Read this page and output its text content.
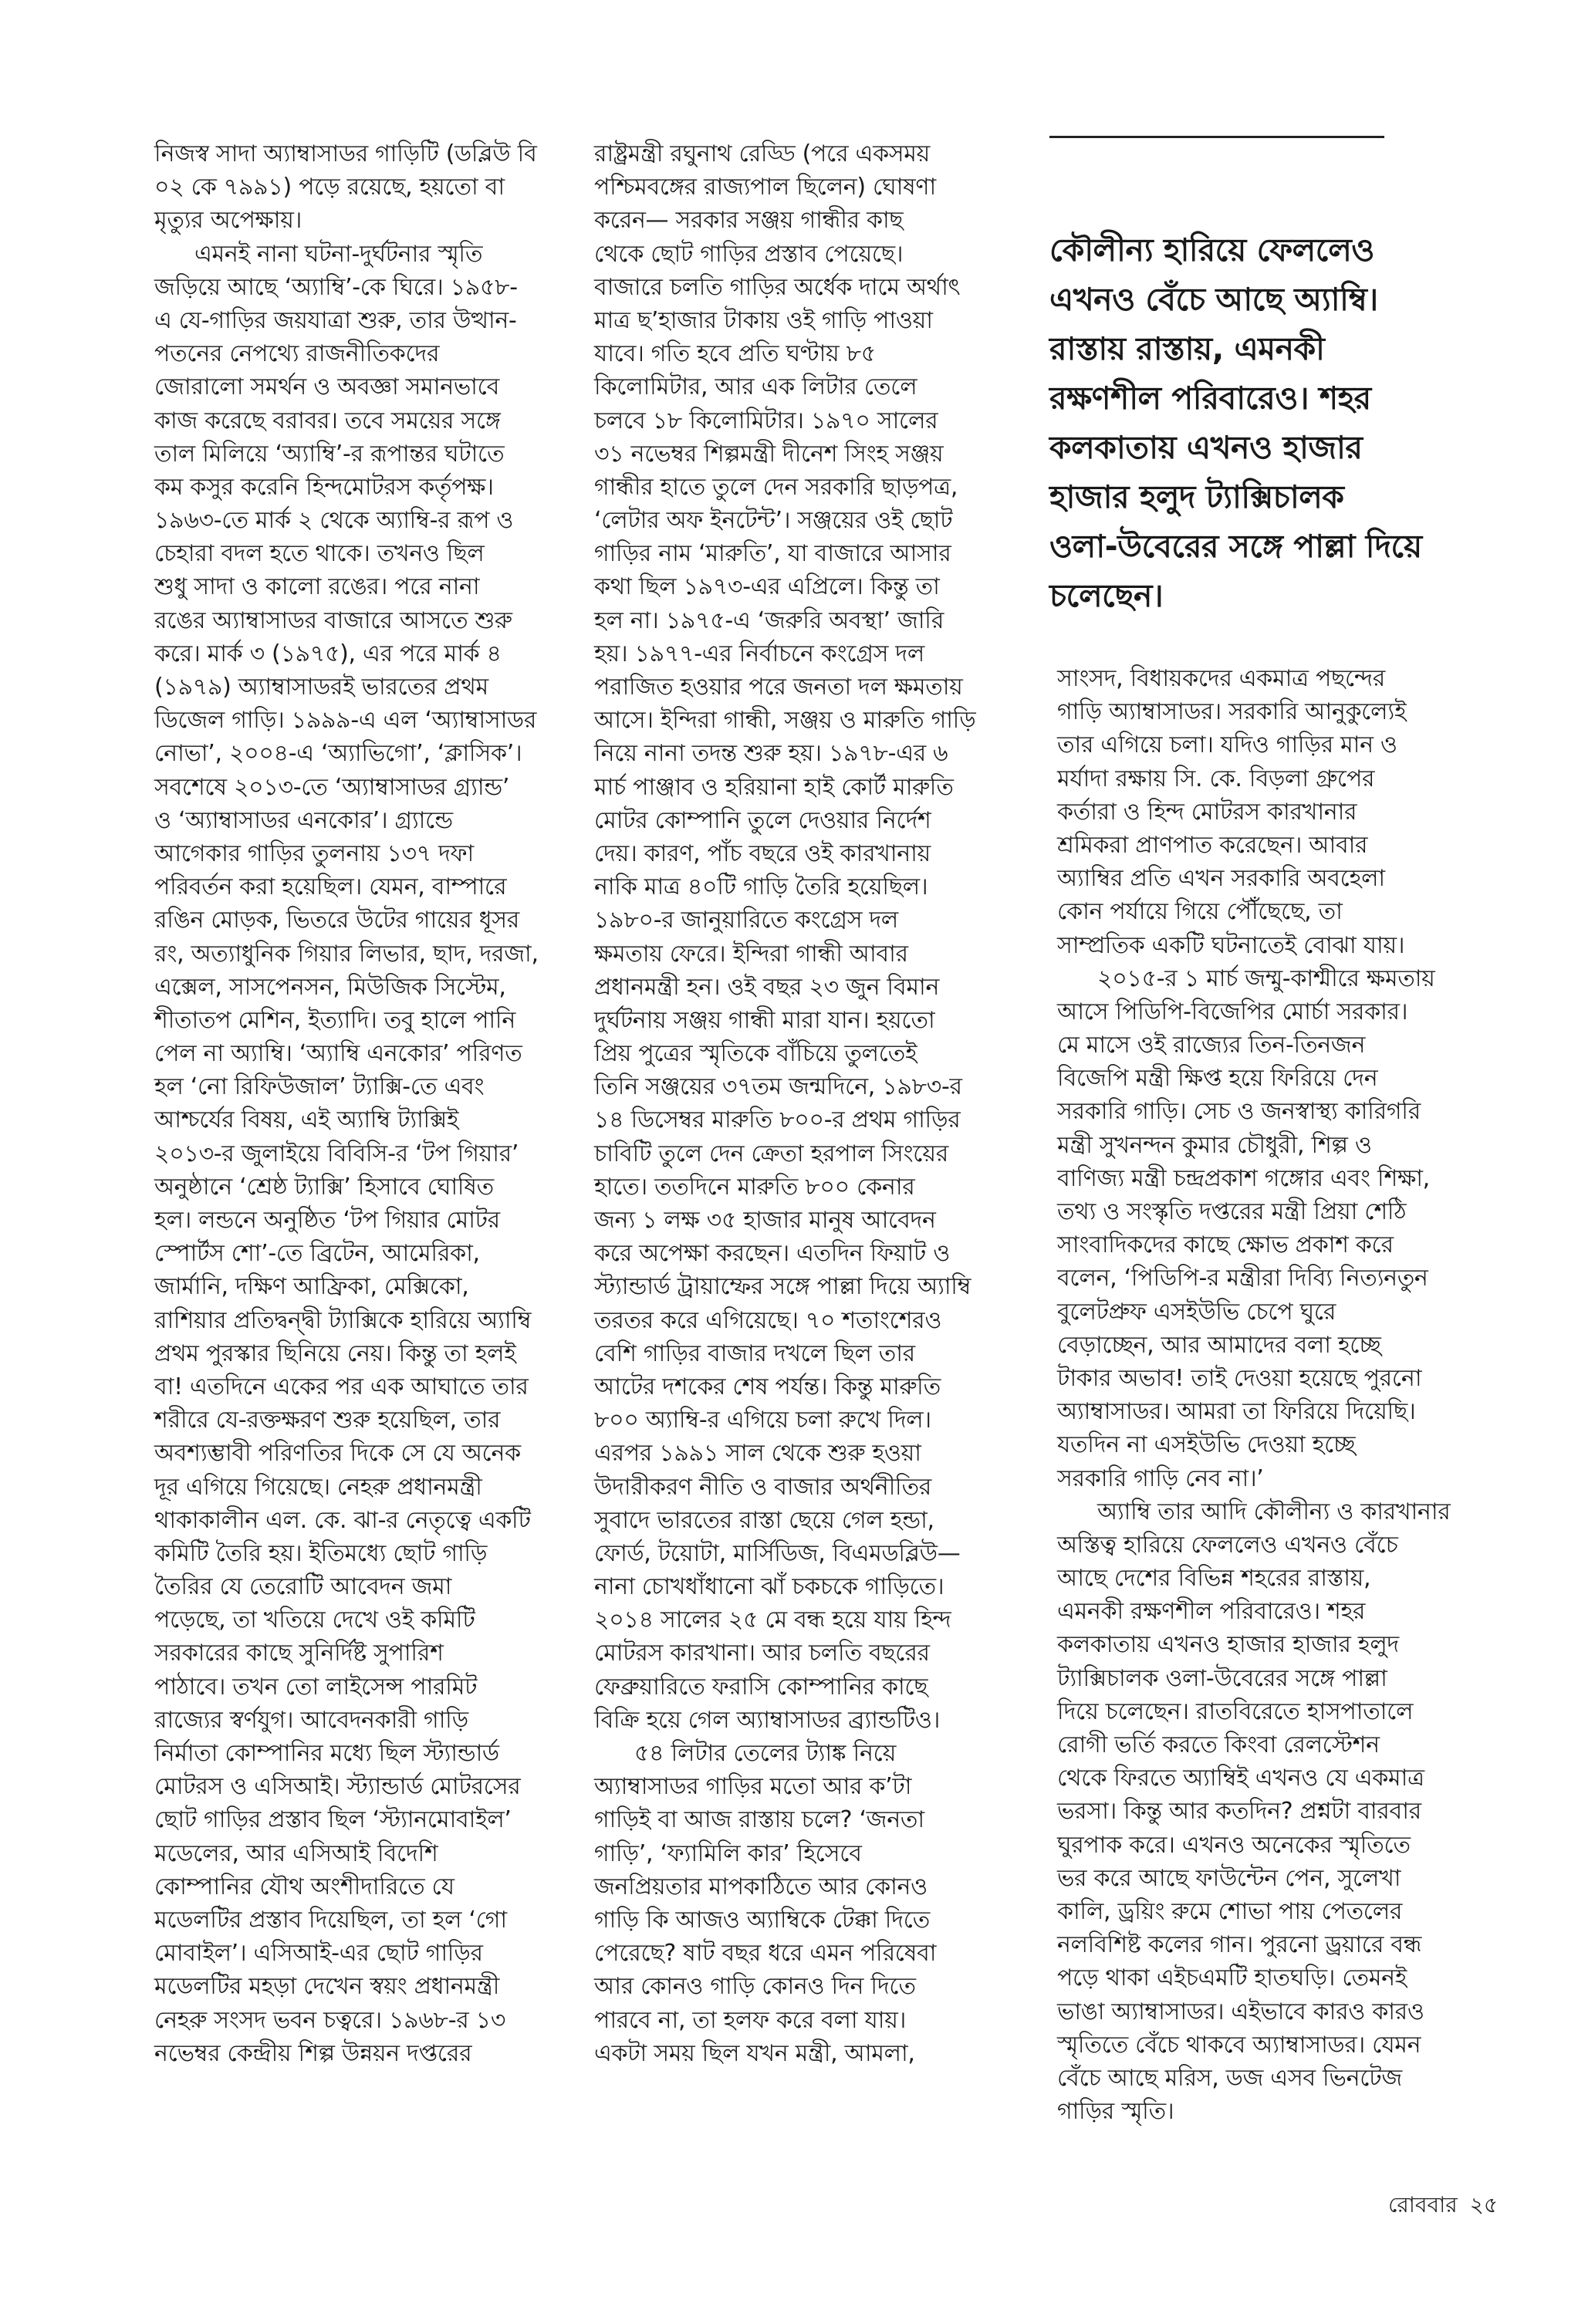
নিজস্ব সাদা অ্যাম্বাসাডর গাড়িটি (ডব্লিউ বি
০২ কে ৭৯৯১) পড়ে রয়েছে, হয়তো বা
মৃত্যুর অপেক্ষায়।
এমনই নানা ঘটনা-দুর্ঘটনার স্মৃতি
জড়িয়ে আছে ‘অ্যাম্বি’-কে ঘিরে। ১৯৫৮-
এ যে-গাড়ির জয়যাত্রা শুরু, তার উত্থান-
পতনের নেপথ্যে রাজনীতিকদের
জোরালো সমর্থন ও অবজ্ঞা সমানভাবে
কাজ করেছে বরাবর। তবে সময়ের সঙ্গে
তাল মিলিয়ে ‘অ্যাম্বি’-র রূপান্তর ঘটাতে
কম কসুর করেনি হিন্দমোটরস কর্তৃপক্ষ।
১৯৬৩-তে মার্ক ২ থেকে অ্যাম্বি-র রূপ ও
চেহারা বদল হতে থাকে। তখনও ছিল
শুধু সাদা ও কালো রঙের। পরে নানা
রঙের অ্যাম্বাসাডর বাজারে আসতে শুরু
করে। মার্ক ৩ (১৯৭৫), এর পরে মার্ক ৪
(১৯৭৯) অ্যাম্বাসাডরই ভারতের প্রথম
ডিজেল গাড়ি। ১৯৯৯-এ এল ‘অ্যাম্বাসাডর
নোভা’, ২০০৪-এ ‘অ্যাভিগো’, ‘ক্লাসিক’।
সবশেষে ২০১৩-তে ‘অ্যাম্বাসাডর গ্র্যান্ড’
ও ‘অ্যাম্বাসাডর এনকোর’। গ্র্যান্ডে
আগেকার গাড়ির তুলনায় ১৩৭ দফা
পরিবর্তন করা হয়েছিল। যেমন, বাম্পারে
রঙিন মোড়ক, ভিতরে উটের গায়ের ধূসর
রং, অত্যাধুনিক গিয়ার লিভার, ছাদ, দরজা,
এক্সেল, সাসপেনসন, মিউজিক সিস্টেম,
শীতাতপ মেশিন, ইত্যাদি। তবু হালে পানি
পেল না অ্যাম্বি। ‘অ্যাম্বি এনকোর’ পরিণত
হল ‘নো রিফিউজাল’ ট্যাক্সি-তে এবং
আশ্চর্যের বিষয়, এই অ্যাম্বি ট্যাক্সিই
২০১৩-র জুলাইয়ে বিবিসি-র ‘টপ গিয়ার’
অনুষ্ঠানে ‘শ্রেষ্ঠ ট্যাক্সি’ হিসাবে ঘোষিত
হল। লন্ডনে অনুষ্ঠিত ‘টপ গিয়ার মোটর
স্পোর্টস শো’-তে ব্রিটেন, আমেরিকা,
জার্মানি, দক্ষিণ আফ্রিকা, মেক্সিকো,
রাশিয়ার প্রতিদ্বন্দ্বী ট্যাক্সিকে হারিয়ে অ্যাম্বি
প্রথম পুরস্কার ছিনিয়ে নেয়। কিন্তু তা হলই
বা! এতদিনে একের পর এক আঘাতে তার
শরীরে যে-রক্তক্ষরণ শুরু হয়েছিল, তার
অবশ্যম্ভাবী পরিণতির দিকে সে যে অনেক
দূর এগিয়ে গিয়েছে। নেহরু প্রধানমন্ত্রী
থাকাকালীন এল. কে. ঝা-র নেতৃত্বে একটি
কমিটি তৈরি হয়। ইতিমধ্যে ছোট গাড়ি
তৈরির যে তেরোটি আবেদন জমা
পড়েছে, তা খতিয়ে দেখে ওই কমিটি
সরকারের কাছে সুনির্দিষ্ট সুপারিশ
পাঠাবে। তখন তো লাইসেন্স পারমিট
রাজ্যের স্বর্ণযুগ। আবেদনকারী গাড়ি
নির্মাতা কোম্পানির মধ্যে ছিল স্ট্যান্ডার্ড
মোটরস ও এসিআই। স্ট্যান্ডার্ড মোটরসের
ছোট গাড়ির প্রস্তাব ছিল ‘স্ট্যানমোবাইল’
মডেলের, আর এসিআই বিদেশি
কোম্পানির যৌথ অংশীদারিতে যে
মডেলটির প্রস্তাব দিয়েছিল, তা হল ‘গো
মোবাইল’। এসিআই-এর ছোট গাড়ির
মডেলটির মহড়া দেখেন স্বয়ং প্রধানমন্ত্রী
নেহরু সংসদ ভবন চত্বরে। ১৯৬৮-র ১৩
নভেম্বর কেন্দ্রীয় শিল্প উন্নয়ন দপ্তরের
রাষ্ট্রমন্ত্রী রঘুনাথ রেড্ডি (পরে একসময়
পশ্চিমবঙ্গের রাজ্যপাল ছিলেন) ঘোষণা
করেন— সরকার সঞ্জয় গান্ধীর কাছ
থেকে ছোট গাড়ির প্রস্তাব পেয়েছে।
বাজারে চলতি গাড়ির অর্ধেক দামে অর্থাৎ
মাত্র ছ’হাজার টাকায় ওই গাড়ি পাওয়া
যাবে। গতি হবে প্রতি ঘণ্টায় ৮৫
কিলোমিটার, আর এক লিটার তেলে
চলবে ১৮ কিলোমিটার। ১৯৭০ সালের
৩১ নভেম্বর শিল্পমন্ত্রী দীনেশ সিংহ সঞ্জয়
গান্ধীর হাতে তুলে দেন সরকারি ছাড়পত্র,
‘লেটার অফ ইনটেন্ট’। সঞ্জয়ের ওই ছোট
গাড়ির নাম ‘মারুতি’, যা বাজারে আসার
কথা ছিল ১৯৭৩-এর এপ্রিলে। কিন্তু তা
হল না। ১৯৭৫-এ ‘জরুরি অবস্থা’ জারি
হয়। ১৯৭৭-এর নির্বাচনে কংগ্রেস দল
পরাজিত হওয়ার পরে জনতা দল ক্ষমতায়
আসে। ইন্দিরা গান্ধী, সঞ্জয় ও মারুতি গাড়ি
নিয়ে নানা তদন্ত শুরু হয়। ১৯৭৮-এর ৬
মার্চ পাঞ্জাব ও হরিয়ানা হাই কোর্ট মারুতি
মোটর কোম্পানি তুলে দেওয়ার নির্দেশ
দেয়। কারণ, পাঁচ বছরে ওই কারখানায়
নাকি মাত্র ৪০টি গাড়ি তৈরি হয়েছিল।
১৯৮০-র জানুয়ারিতে কংগ্রেস দল
ক্ষমতায় ফেরে। ইন্দিরা গান্ধী আবার
প্রধানমন্ত্রী হন। ওই বছর ২৩ জুন বিমান
দুর্ঘটনায় সঞ্জয় গান্ধী মারা যান। হয়তো
প্রিয় পুত্রের স্মৃতিকে বাঁচিয়ে তুলতেই
তিনি সঞ্জয়ের ৩৭তম জন্মদিনে, ১৯৮৩-র
১৪ ডিসেম্বর মারুতি ৮০০-র প্রথম গাড়ির
চাবিটি তুলে দেন ক্রেতা হরপাল সিংয়ের
হাতে। ততদিনে মারুতি ৮০০ কেনার
জন্য ১ লক্ষ ৩৫ হাজার মানুষ আবেদন
করে অপেক্ষা করছেন। এতদিন ফিয়াট ও
স্ট্যান্ডার্ড ট্রায়াম্ফের সঙ্গে পাল্লা দিয়ে অ্যাম্বি
তরতর করে এগিয়েছে। ৭০ শতাংশেরও
বেশি গাড়ির বাজার দখলে ছিল তার
আটের দশকের শেষ পর্যন্ত। কিন্তু মারুতি
৮০০ অ্যাম্বি-র এগিয়ে চলা রুখে দিল।
এরপর ১৯৯১ সাল থেকে শুরু হওয়া
উদারীকরণ নীতি ও বাজার অর্থনীতির
সুবাদে ভারতের রাস্তা ছেয়ে গেল হন্ডা,
ফোর্ড, টয়োটা, মার্সিডিজ, বিএমডব্লিউ—
নানা চোখধাঁধানো ঝাঁ চকচকে গাড়িতে।
২০১৪ সালের ২৫ মে বন্ধ হয়ে যায় হিন্দ
মোটরস কারখানা। আর চলতি বছরের
ফেব্রুয়ারিতে ফরাসি কোম্পানির কাছে
বিক্রি হয়ে গেল অ্যাম্বাসাডর ব্র্যান্ডটিও।
৫৪ লিটার তেলের ট্যাঙ্ক নিয়ে
অ্যাম্বাসাডর গাড়ির মতো আর ক’টা
গাড়িই বা আজ রাস্তায় চলে? ‘জনতা
গাড়ি’, ‘ফ্যামিলি কার’ হিসেবে
জনপ্রিয়তার মাপকাঠিতে আর কোনও
গাড়ি কি আজও অ্যাম্বিকে টেক্কা দিতে
পেরেছে? ষাট বছর ধরে এমন পরিষেবা
আর কোনও গাড়ি কোনও দিন দিতে
পারবে না, তা হলফ করে বলা যায়।
একটা সময় ছিল যখন মন্ত্রী, আমলা,
কৌলীন্য হারিয়ে ফেললেও
এখনও বেঁচে আছে অ্যাম্বি।
রাস্তায় রাস্তায়, এমনকী
রক্ষণশীল পরিবারেও। শহর
কলকাতায় এখনও হাজার
হাজার হলুদ ট্যাক্সিচালক
ওলা-উবেরের সঙ্গে পাল্লা দিয়ে
চলেছেন।
সাংসদ, বিধায়কদের একমাত্র পছন্দের
গাড়ি অ্যাম্বাসাডর। সরকারি আনুকুল্যেই
তার এগিয়ে চলা। যদিও গাড়ির মান ও
মর্যাদা রক্ষায় সি. কে. বিড়লা গ্রুপের
কর্তারা ও হিন্দ মোটরস কারখানার
শ্রমিকরা প্রাণপাত করেছেন। আবার
অ্যাম্বির প্রতি এখন সরকারি অবহেলা
কোন পর্যায়ে গিয়ে পৌঁছেছে, তা
সাম্প্রতিক একটি ঘটনাতেই বোঝা যায়।
২০১৫-র ১ মার্চ জম্মু-কাশ্মীরে ক্ষমতায়
আসে পিডিপি-বিজেপির মোর্চা সরকার।
মে মাসে ওই রাজ্যের তিন-তিনজন
বিজেপি মন্ত্রী ক্ষিপ্ত হয়ে ফিরিয়ে দেন
সরকারি গাড়ি। সেচ ও জনস্বাস্থ্য কারিগরি
মন্ত্রী সুখনন্দন কুমার চৌধুরী, শিল্প ও
বাণিজ্য মন্ত্রী চন্দ্রপ্রকাশ গঙ্গোর এবং শিক্ষা,
তথ্য ও সংস্কৃতি দপ্তরের মন্ত্রী প্রিয়া শেঠি
সাংবাদিকদের কাছে ক্ষোভ প্রকাশ করে
বলেন, ‘পিডিপি-র মন্ত্রীরা দিব্যি নিত্যনতুন
বুলেটপ্রুফ এসইউভি চেপে ঘুরে
বেড়াচ্ছেন, আর আমাদের বলা হচ্ছে
টাকার অভাব! তাই দেওয়া হয়েছে পুরনো
অ্যাম্বাসাডর। আমরা তা ফিরিয়ে দিয়েছি।
যতদিন না এসইউভি দেওয়া হচ্ছে
সরকারি গাড়ি নেব না।’
অ্যাম্বি তার আদি কৌলীন্য ও কারখানার
অস্তিত্ব হারিয়ে ফেললেও এখনও বেঁচে
আছে দেশের বিভিন্ন শহরের রাস্তায়,
এমনকী রক্ষণশীল পরিবারেও। শহর
কলকাতায় এখনও হাজার হাজার হলুদ
ট্যাক্সিচালক ওলা-উবেরের সঙ্গে পাল্লা
দিয়ে চলেছেন। রাতবিরেতে হাসপাতালে
রোগী ভর্তি করতে কিংবা রেলস্টেশন
থেকে ফিরতে অ্যাম্বিই এখনও যে একমাত্র
ভরসা। কিন্তু আর কতদিন? প্রশ্নটা বারবার
ঘুরপাক করে। এখনও অনেকের স্মৃতিতে
ভর করে আছে ফাউন্টেন পেন, সুলেখা
কালি, ড্রয়িং রুমে শোভা পায় পেতলের
নলবিশিষ্ট কলের গান। পুরনো ড্রয়ারে বন্ধ
পড়ে থাকা এইচএমটি হাতঘড়ি। তেমনই
ভাঙা অ্যাম্বাসাডর। এইভাবে কারও কারও
স্মৃতিতে বেঁচে থাকবে অ্যাম্বাসাডর। যেমন
বেঁচে আছে মরিস, ডজ এসব ভিনটেজ
গাড়ির স্মৃতি।
রোববার ২৫
